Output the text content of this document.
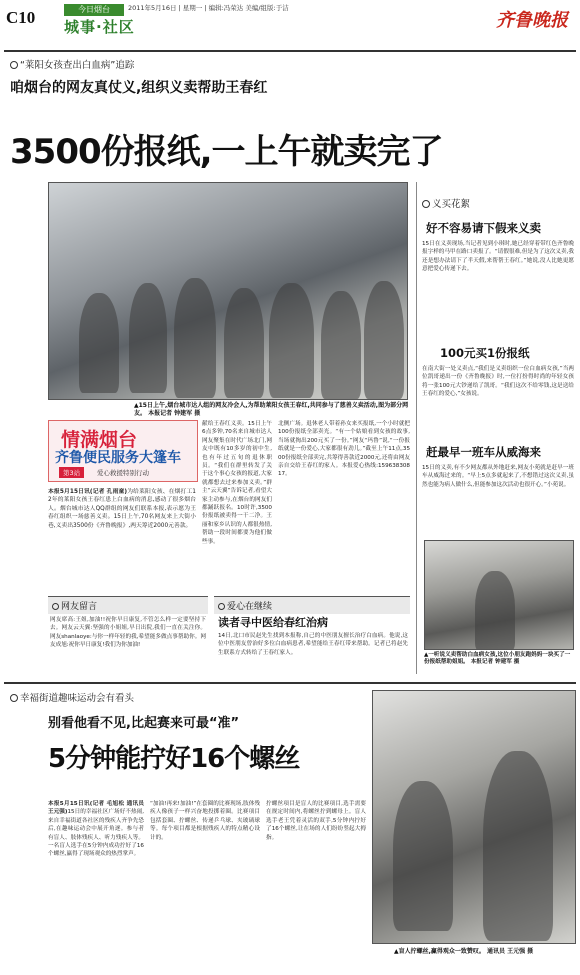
C10	2011年5月16日 | 星期一 | 编辑:冯荣达 美编/组版:于洁
今日烟台
城事·社区	齐鲁晚报
“莱阳女孩查出白血病”追踪
咱烟台的网友真仗义,组织义卖帮助王春红
3500份报纸,一上午就卖完了
▲15日上午,烟台城市达人组的网友冷会人,为帮助莱阳女孩王春红,共同参与了慈善义卖活动,图为部分网友。 本报记者 钟建军 摄
情满烟台
齐鲁便民服务大篷车
第3站	爱心救援特别行动
本报5月15日讯(记者 孔雨童)为给莱阳女孩、在烟打工12年的莱阳女孩王春红患上白血病的消息,感动了很多烟台人。烟台城市达人QQ群组的网友们联系本报,表示愿为王春红组织一场慈善义卖。15日上午,70名网友来上大街小巷,义卖出3500份《齐鲁晚报》,两天筹近2000元善款。
献给王春红义卖。15日上午6点多钟,70名来自城市达人网友聚集在时代广场北门,网友中既有10多岁的初中生,也有年过五旬的退休职员。“我们在群里转发了关于这个事心女孩的报道,大家就都想去过来参加义卖。”群主“云天翼”告诉记者,看望大家主动参与,在烟台的网友们都踊跃报名。10时许,3500份报纸被卖得一干二净。王丽和家乡认识的人都很热情,帮助一段时间都要为他们做些事。
北侧广场。退休老人带着孙女来买报纸,一个小时就把100份报纸全部卖光。“有一个姑娘看到女孩的故事,当场就掏出200元买了一份。”网友“玛鲁”说,“一份报纸就是一份爱心,大家都很有劲儿。”截至上午11点,3500份报纸全部卖完,共筹得善款近2000元,还将由网友亲自交给王春红的家人。本报爱心热线:15963830817。
义买花絮
好不容易请下假来义卖
15日在义卖现场,当记者见到小琪时,她已经穿着带红色齐鲁晚报字样的马甲在路口卖报了。“请假很难,但是为了这次义卖,我还是想办法请下了半天假,来帮帮王春红。”她说,没人比她更愿意把爱心传递下去。
100元买1份报纸
在南大街一处义卖点,“我们是义卖组织一位白血病女孩,”当两位凯哥递出一份《齐鲁晚报》时,一位打扮得时尚的年轻女孩将一张100元大钞递给了凯哥。“我们这次不给零钱,这是送给王春红的爱心,”女孩说。
赶最早一班车从威海来
15日的义卖,有不少网友都从外地赶来,网友小苑就是赶早一班车从威海过来的。“早上5点多就起来了,不想错过这次义卖,虽然也能为病人做什么,但能参加这次活动也很开心。”小苑说。
▲一听说义卖帮助白血病女孩,这位小朋友跑妈妈一块买了一份报纸帮助姐姐。 本报记者 钟建军 摄
网友留言
网友席高:王姐,加油!!祝你早日康复,不管怎么样一定要坚持下去。网友云天翼:坚强的小姐姐,早日出院,我们一直在关注你。网友shanlaoye:与你一样年轻的我,希望能多做点事帮助你。网友成旭:祝你早日康复!我们为你加油!
爱心在继续
读者寻中医给春红治病
14日,北口市民赵先生找到本报称,自己的中医朋友擅长治疗白血病。他说,这位中医朋友曾治好多位白血病患者,希望能给王春红带来帮助。记者已将赵先生联系方式转给了王春红家人。
幸福街道趣味运动会有看头
别看他看不见,比起赛来可最“准”
5分钟能拧好16个螺丝
▲盲人拧螺丝,赢得观众一致赞叹。 通讯员 王元强 摄
本报5月15日讯(记者 毛旭松 通讯员 王元强)15日的幸福社区广场好不热闹,来自幸福街道各社区的残疾人齐争先恐后,在趣味运动会中展开角逐。参与者有盲人、肢体残疾人、听力残疾人等。一名盲人选手在5分钟内成功拧好了16个螺丝,赢得了现场观众的热烈掌声。
“加油!再来!加油!”在套圈的比赛现场,肢体残疾人像孩子一样兴奋地投掷着圈。比赛项目包括套圈、拧螺丝、传递乒乓球、夹玻璃球等。每个项目都是根据残疾人的特点精心设计的。
拧螺丝项目是盲人的比赛项目,选手需要在规定时间内,将螺丝拧到螺母上。盲人选手老王凭着灵活的双手,5分钟内拧好了16个螺丝,让在场的人们纷纷竖起大拇指。
